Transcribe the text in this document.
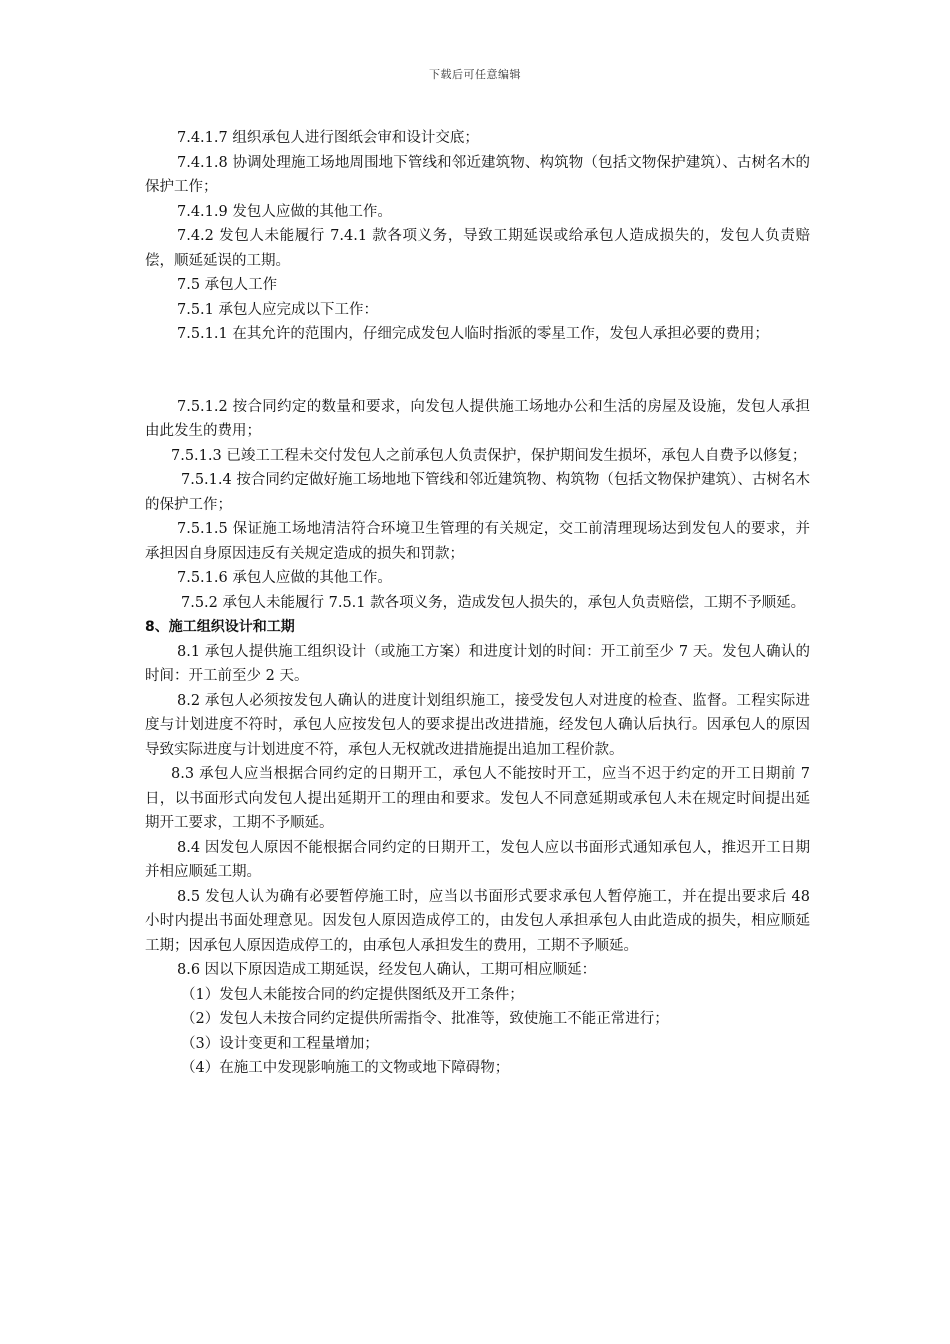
下载后可任意编辑

7.4.1.7 组织承包人进行图纸会审和设计交底；

7.4.1.8 协调处理施工场地周围地下管线和邻近建筑物、构筑物（包括文物保护建筑）、古树名木的保护工作；

7.4.1.9 发包人应做的其他工作。

7.4.2 发包人未能履行 7.4.1 款各项义务，导致工期延误或给承包人造成损失的，发包人负责赔偿，顺延延误的工期。

7.5 承包人工作

7.5.1 承包人应完成以下工作：

7.5.1.1 在其允许的范围内，仔细完成发包人临时指派的零星工作，发包人承担必要的费用；

7.5.1.2 按合同约定的数量和要求，向发包人提供施工场地办公和生活的房屋及设施，发包人承担由此发生的费用；

7.5.1.3 已竣工工程未交付发包人之前承包人负责保护，保护期间发生损坏，承包人自费予以修复；

7.5.1.4 按合同约定做好施工场地地下管线和邻近建筑物、构筑物（包括文物保护建筑）、古树名木的保护工作；

7.5.1.5 保证施工场地清洁符合环境卫生管理的有关规定，交工前清理现场达到发包人的要求，并承担因自身原因违反有关规定造成的损失和罚款；

7.5.1.6 承包人应做的其他工作。

7.5.2 承包人未能履行 7.5.1 款各项义务，造成发包人损失的，承包人负责赔偿，工期不予顺延。

8、施工组织设计和工期

8.1 承包人提供施工组织设计（或施工方案）和进度计划的时间：开工前至少 7 天。发包人确认的时间：开工前至少 2 天。

8.2 承包人必须按发包人确认的进度计划组织施工，接受发包人对进度的检查、监督。工程实际进度与计划进度不符时，承包人应按发包人的要求提出改进措施，经发包人确认后执行。因承包人的原因导致实际进度与计划进度不符，承包人无权就改进措施提出追加工程价款。

8.3 承包人应当根据合同约定的日期开工，承包人不能按时开工，应当不迟于约定的开工日期前 7 日，以书面形式向发包人提出延期开工的理由和要求。发包人不同意延期或承包人未在规定时间提出延期开工要求，工期不予顺延。

8.4 因发包人原因不能根据合同约定的日期开工，发包人应以书面形式通知承包人，推迟开工日期并相应顺延工期。

8.5 发包人认为确有必要暂停施工时，应当以书面形式要求承包人暂停施工，并在提出要求后 48 小时内提出书面处理意见。因发包人原因造成停工的，由发包人承担承包人由此造成的损失，相应顺延工期；因承包人原因造成停工的，由承包人承担发生的费用，工期不予顺延。

8.6 因以下原因造成工期延误，经发包人确认，工期可相应顺延：

（1）发包人未能按合同的约定提供图纸及开工条件；

（2）发包人未按合同约定提供所需指令、批准等，致使施工不能正常进行；

（3）设计变更和工程量增加；

（4）在施工中发现影响施工的文物或地下障碍物；
